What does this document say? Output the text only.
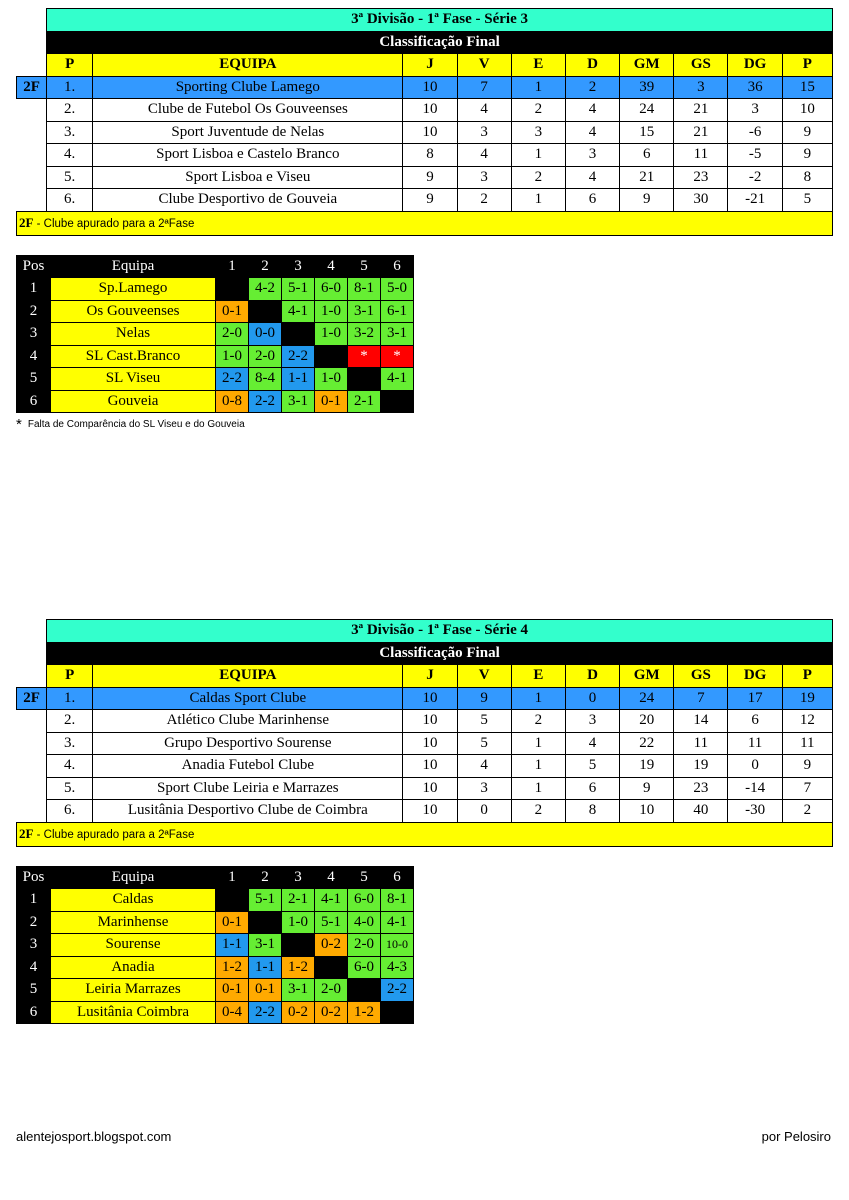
	3ª Divisão - 1ª Fase - Série 3									
	Classificação Final									
	P	EQUIPA	J	V	E	D	GM	GS	DG	P
2F	1.	Sporting Clube Lamego	10	7	1	2	39	3	36	15
	2.	Clube de Futebol Os Gouveenses	10	4	2	4	24	21	3	10
	3.	Sport Juventude de Nelas	10	3	3	4	15	21	-6	9
	4.	Sport Lisboa e Castelo Branco	8	4	1	3	6	11	-5	9
	5.	Sport Lisboa e Viseu	9	3	2	4	21	23	-2	8
	6.	Clube Desportivo de Gouveia	9	2	1	6	9	30	-21	5
2F - Clube apurado para a 2ªFase										
Pos	Equipa	1	2	3	4	5	6
1	Sp.Lamego		4-2	5-1	6-0	8-1	5-0
2	Os Gouveenses	0-1		4-1	1-0	3-1	6-1
3	Nelas	2-0	0-0		1-0	3-2	3-1
4	SL Cast.Branco	1-0	2-0	2-2		*	*
5	SL Viseu	2-2	8-4	1-1	1-0		4-1
6	Gouveia	0-8	2-2	3-1	0-1	2-1	
* Falta de Comparência do SL Viseu e do Gouveia
	3ª Divisão - 1ª Fase - Série 4									
	Classificação Final									
	P	EQUIPA	J	V	E	D	GM	GS	DG	P
2F	1.	Caldas Sport Clube	10	9	1	0	24	7	17	19
	2.	Atlético Clube Marinhense	10	5	2	3	20	14	6	12
	3.	Grupo Desportivo Sourense	10	5	1	4	22	11	11	11
	4.	Anadia Futebol Clube	10	4	1	5	19	19	0	9
	5.	Sport Clube Leiria e Marrazes	10	3	1	6	9	23	-14	7
	6.	Lusitânia Desportivo Clube de Coimbra	10	0	2	8	10	40	-30	2
2F - Clube apurado para a 2ªFase										
Pos	Equipa	1	2	3	4	5	6
1	Caldas		5-1	2-1	4-1	6-0	8-1
2	Marinhense	0-1		1-0	5-1	4-0	4-1
3	Sourense	1-1	3-1		0-2	2-0	10-0
4	Anadia	1-2	1-1	1-2		6-0	4-3
5	Leiria Marrazes	0-1	0-1	3-1	2-0		2-2
6	Lusitânia Coimbra	0-4	2-2	0-2	0-2	1-2	
alentejosport.blogspot.com	por Pelosiro
